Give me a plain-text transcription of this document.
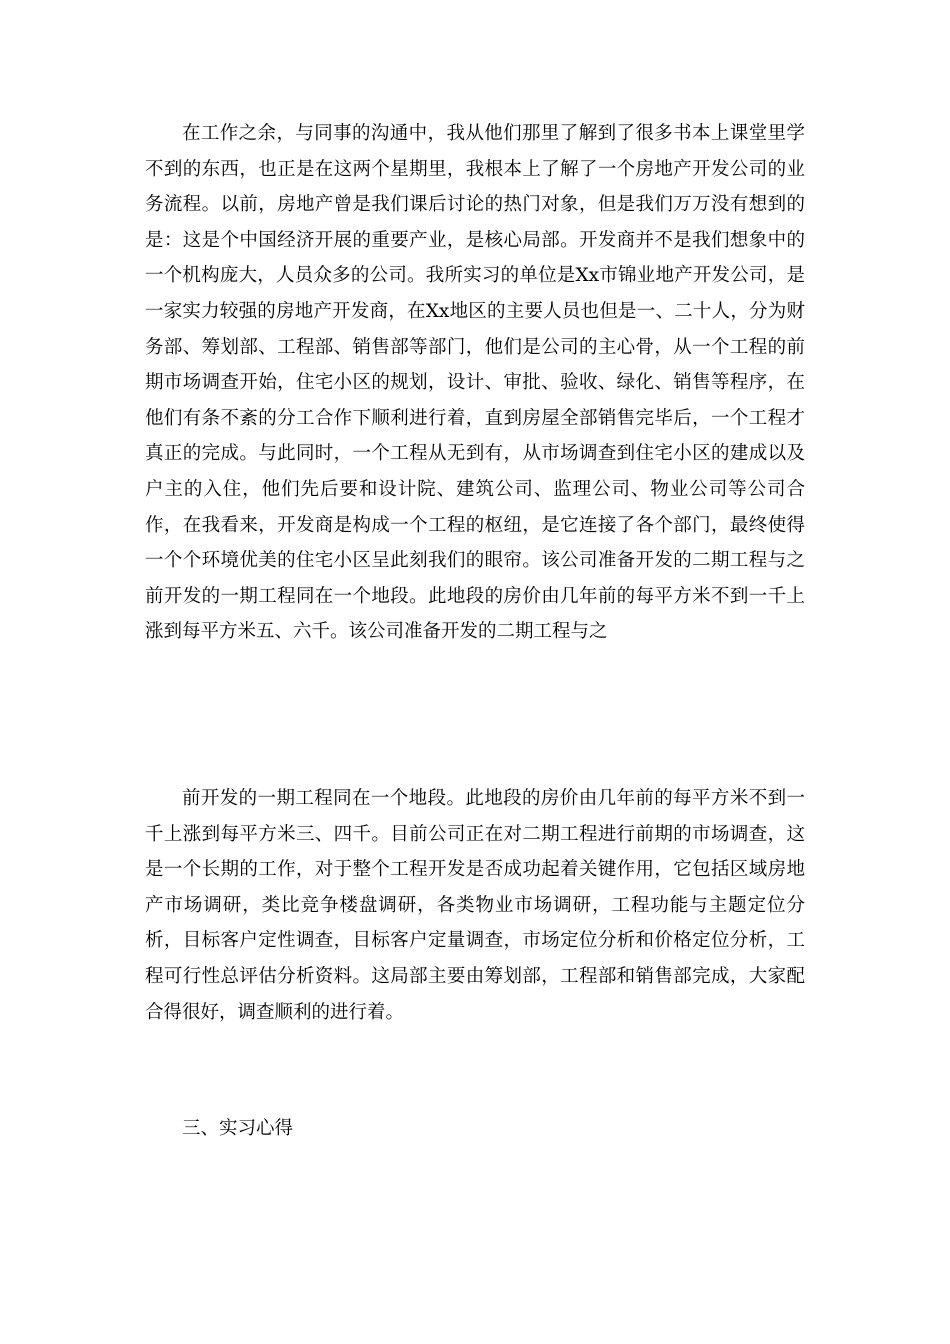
在工作之余，与同事的沟通中，我从他们那里了解到了很多书本上课堂里学不到的东西，也正是在这两个星期里，我根本上了解了一个房地产开发公司的业务流程。以前，房地产曾是我们课后讨论的热门对象，但是我们万万没有想到的是：这是个中国经济开展的重要产业，是核心局部。开发商并不是我们想象中的一个机构庞大，人员众多的公司。我所实习的单位是Xx市锦业地产开发公司，是一家实力较强的房地产开发商，在Xx地区的主要人员也但是一、二十人，分为财务部、筹划部、工程部、销售部等部门，他们是公司的主心骨，从一个工程的前期市场调查开始，住宅小区的规划，设计、审批、验收、绿化、销售等程序，在他们有条不紊的分工合作下顺利进行着，直到房屋全部销售完毕后，一个工程才真正的完成。与此同时，一个工程从无到有，从市场调查到住宅小区的建成以及户主的入住，他们先后要和设计院、建筑公司、监理公司、物业公司等公司合作，在我看来，开发商是构成一个工程的枢纽，是它连接了各个部门，最终使得一个个环境优美的住宅小区呈此刻我们的眼帘。该公司准备开发的二期工程与之前开发的一期工程同在一个地段。此地段的房价由几年前的每平方米不到一千上涨到每平方米五、六千。该公司准备开发的二期工程与之

前开发的一期工程同在一个地段。此地段的房价由几年前的每平方米不到一千上涨到每平方米三、四千。目前公司正在对二期工程进行前期的市场调查，这是一个长期的工作，对于整个工程开发是否成功起着关键作用，它包括区域房地产市场调研，类比竞争楼盘调研，各类物业市场调研，工程功能与主题定位分析，目标客户定性调查，目标客户定量调查，市场定位分析和价格定位分析，工程可行性总评估分析资料。这局部主要由筹划部，工程部和销售部完成，大家配合得很好，调查顺利的进行着。

三、实习心得
